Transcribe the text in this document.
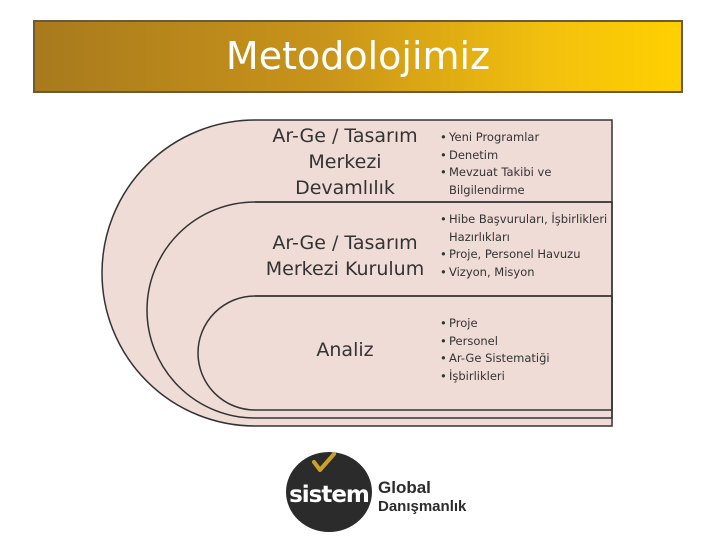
Metodolojimiz
Ar-Ge / Tasarım
Merkezi
Devamlılık
• Yeni Programlar
• Denetim
• Mevzuat Takibi ve Bilgilendirme
Ar-Ge / Tasarım
Merkezi Kurulum
• Hibe Başvuruları, İşbirlikleri Hazırlıkları
• Proje, Personel Havuzu
• Vizyon, Misyon
Analiz
• Proje
• Personel
• Ar-Ge Sistematiği
• İşbirlikleri
sistem Global
Danışmanlık
